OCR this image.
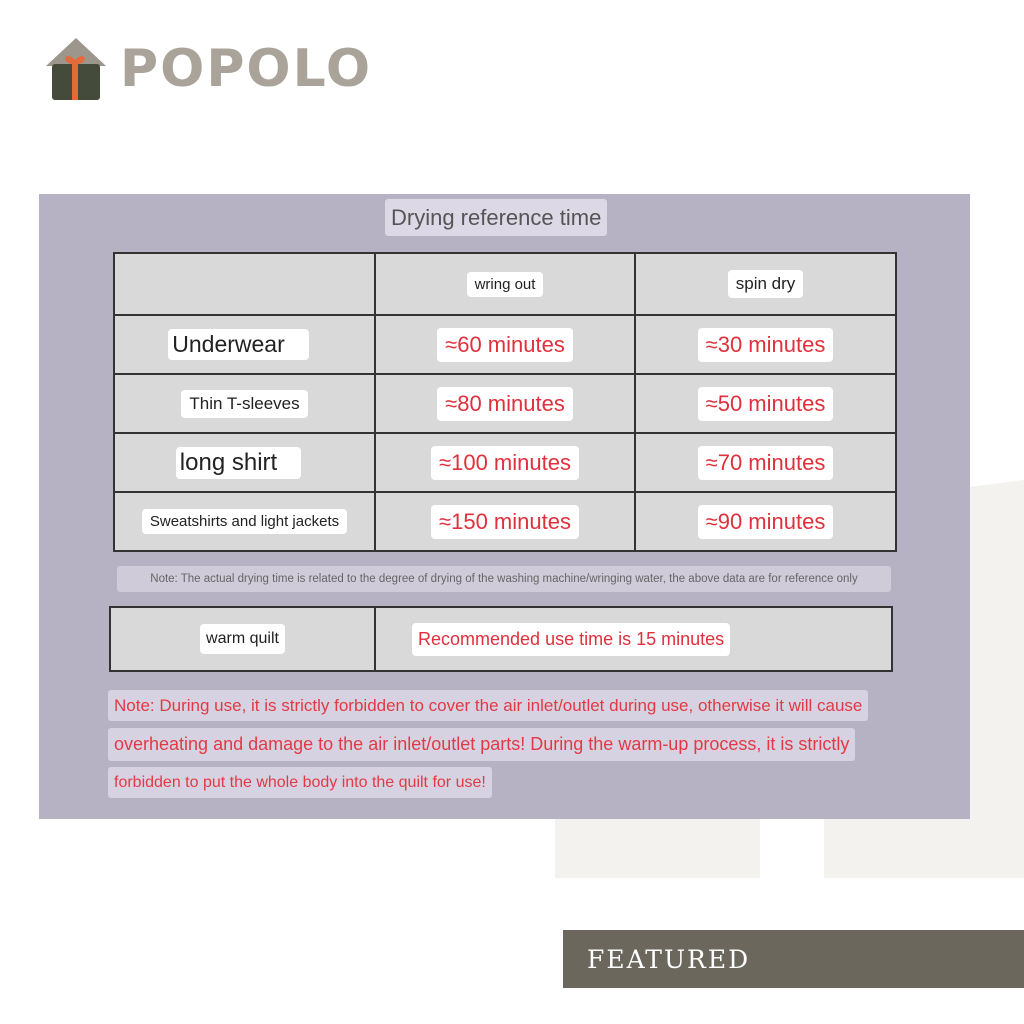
POPOLO
Drying reference time
	wring out	spin dry
Underwear	≈60 minutes	≈30 minutes
Thin T-sleeves	≈80 minutes	≈50 minutes
long shirt	≈100 minutes	≈70 minutes
Sweatshirts and light jackets	≈150 minutes	≈90 minutes
Note: The actual drying time is related to the degree of drying of the washing machine/wringing water, the above data are for reference only
warm quilt	Recommended use time is 15 minutes
Note: During use, it is strictly forbidden to cover the air inlet/outlet during use, otherwise it will cause
overheating and damage to the air inlet/outlet parts! During the warm-up process, it is strictly
forbidden to put the whole body into the quilt for use!
FEATURED
